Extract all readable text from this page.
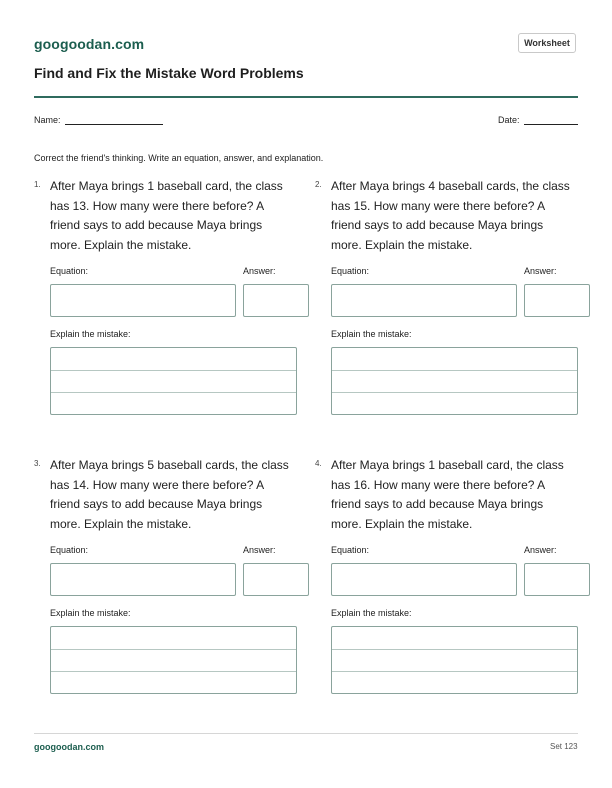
googoodan.com	Worksheet
Find and Fix the Mistake Word Problems
Name:	Date:
Correct the friend's thinking. Write an equation, answer, and explanation.
1. After Maya brings 1 baseball card, the class has 13. How many were there before? A friend says to add because Maya brings more. Explain the mistake.
Equation:	Answer:
Explain the mistake:
2. After Maya brings 4 baseball cards, the class has 15. How many were there before? A friend says to add because Maya brings more. Explain the mistake.
Equation:	Answer:
Explain the mistake:
3. After Maya brings 5 baseball cards, the class has 14. How many were there before? A friend says to add because Maya brings more. Explain the mistake.
Equation:	Answer:
Explain the mistake:
4. After Maya brings 1 baseball card, the class has 16. How many were there before? A friend says to add because Maya brings more. Explain the mistake.
Equation:	Answer:
Explain the mistake:
googoodan.com	Set 123
